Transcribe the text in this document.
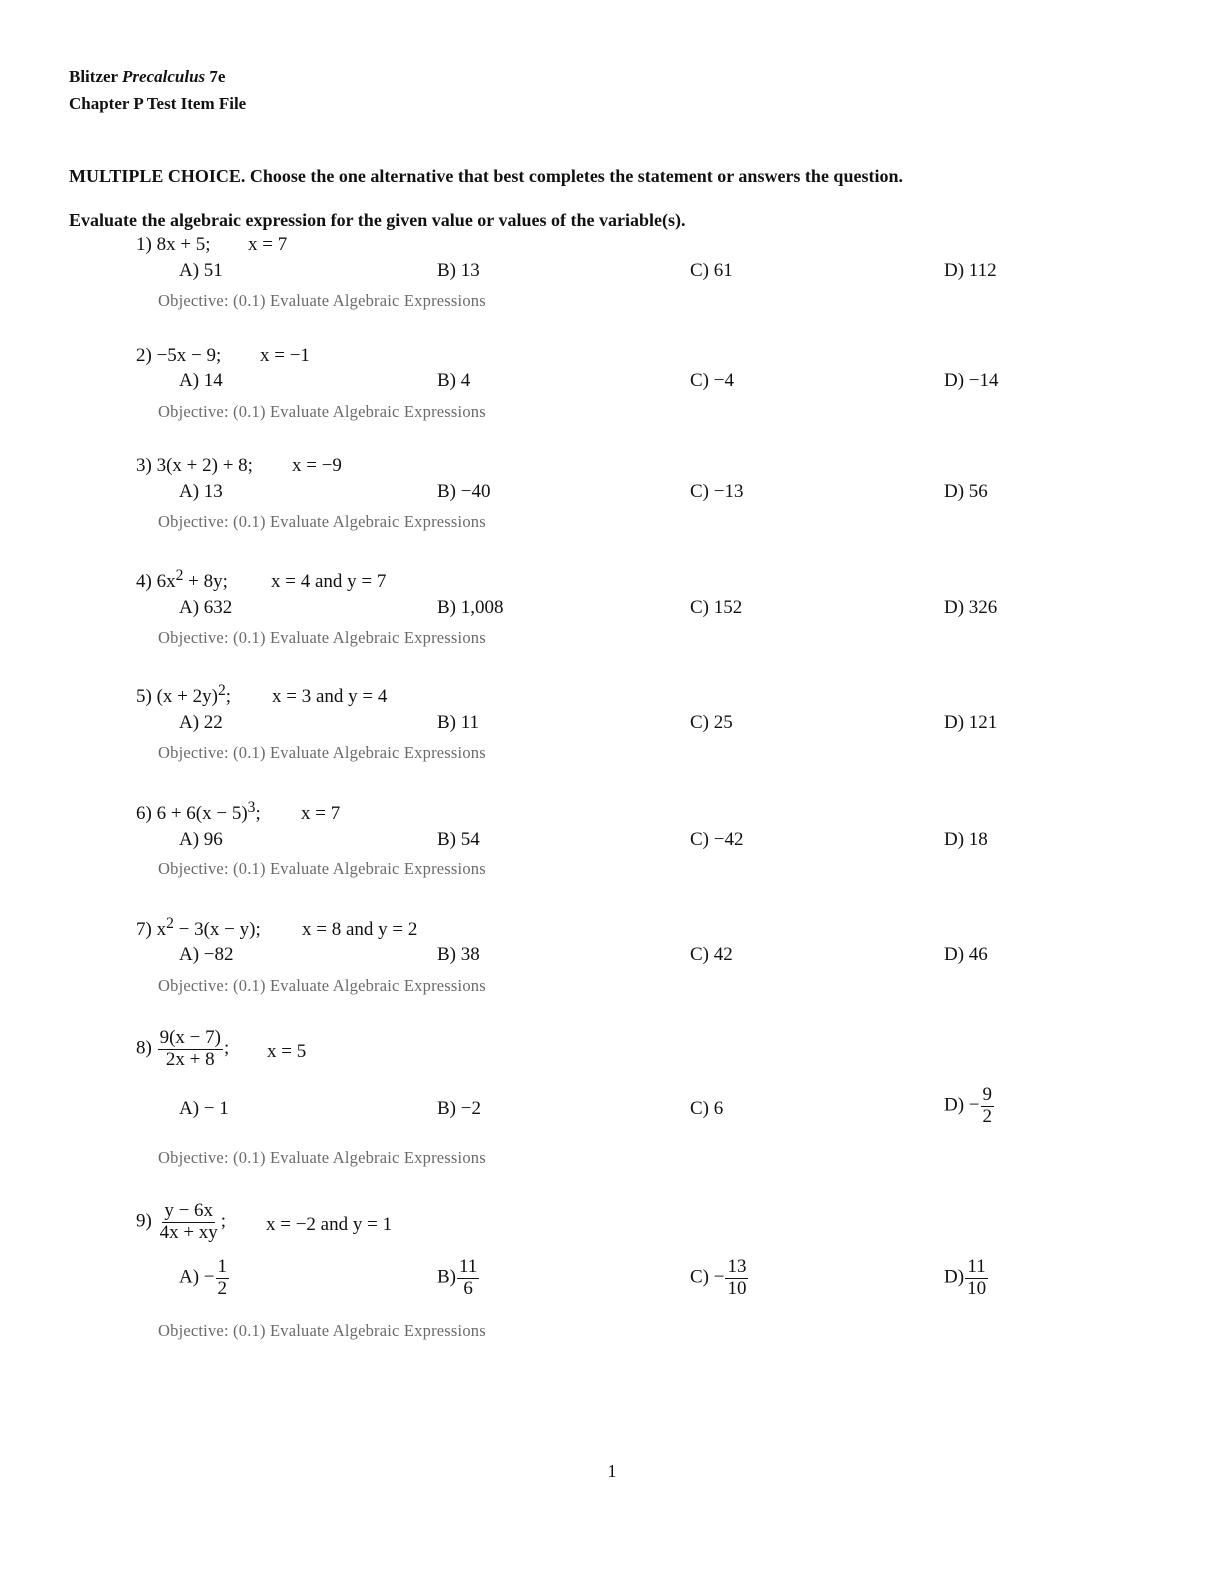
Blitzer Precalculus 7e
Chapter P Test Item File
MULTIPLE CHOICE. Choose the one alternative that best completes the statement or answers the question.
Evaluate the algebraic expression for the given value or values of the variable(s).
1) 8x + 5; x = 7
A) 51	B) 13	C) 61	D) 112
Objective: (0.1) Evaluate Algebraic Expressions
2) −5x − 9; x = −1
A) 14	B) 4	C) −4	D) −14
Objective: (0.1) Evaluate Algebraic Expressions
3) 3(x + 2) + 8; x = −9
A) 13	B) −40	C) −13	D) 56
Objective: (0.1) Evaluate Algebraic Expressions
4) $6x^2 + 8y$; x = 4 and y = 7
A) 632	B) 1,008	C) 152	D) 326
Objective: (0.1) Evaluate Algebraic Expressions
5) $(x + 2y)^2$; x = 3 and y = 4
A) 22	B) 11	C) 25	D) 121
Objective: (0.1) Evaluate Algebraic Expressions
6) $6 + 6(x - 5)^3$; x = 7
A) 96	B) 54	C) −42	D) 18
Objective: (0.1) Evaluate Algebraic Expressions
7) $x^2 - 3(x - y)$; x = 8 and y = 2
A) −82	B) 38	C) 42	D) 46
Objective: (0.1) Evaluate Algebraic Expressions
$8) \frac{9(x - 7)}{2x + 8}$ ; x = 5
A) − 1	B) −2	C) 6	$D) - \frac{9}{2}$
Objective: (0.1) Evaluate Algebraic Expressions
$9) \frac{y - 6x}{4x + xy}$ ; x = −2 and y = 1
$A) - \frac{1}{2}$	$B) \frac{11}{6}$	$C) - \frac{13}{10}$	$D) \frac{11}{10}$
Objective: (0.1) Evaluate Algebraic Expressions
1
